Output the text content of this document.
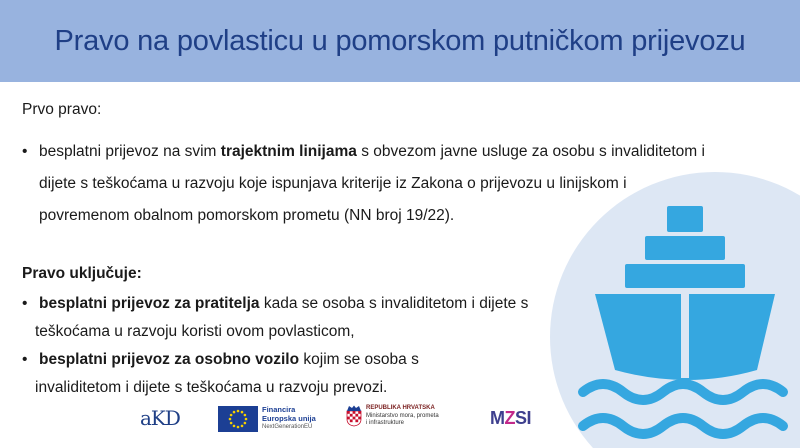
Pravo na povlasticu u pomorskom putničkom prijevozu
Prvo pravo:
• besplatni prijevoz na svim trajektnim linijama s obvezom javne usluge za osobu s invaliditetom i
dijete s teškoćama u razvoju koje ispunjava kriterije iz Zakona o prijevozu u linijskom i
povremenom obalnom pomorskom prometu (NN broj 19/22).
Pravo uključuje:
• besplatni prijevoz za pratitelja kada se osoba s invaliditetom i dijete s
teškoćama u razvoju koristi ovom povlasticom,
• besplatni prijevoz za osobno vozilo kojim se osoba s
invaliditetom i dijete s teškoćama u razvoju prevozi.
aKD	Financira
Europska unija
NextGenerationEU
REPUBLIKA HRVATSKA
Ministarstvo mora, prometa
i infrastrukture	MZSI
